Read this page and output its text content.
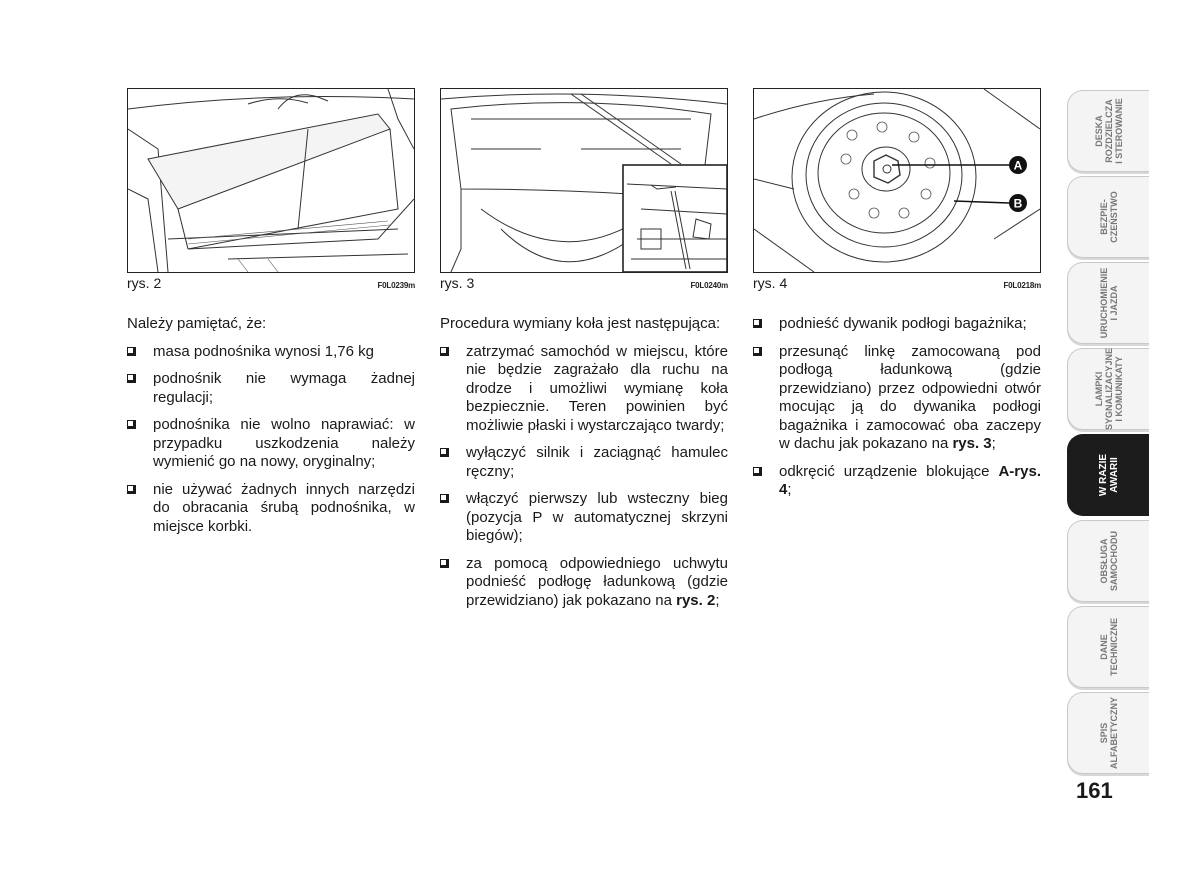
rys. 2	F0L0239m

Należy pamiętać, że:

masa podnośnika wynosi 1,76 kg
podnośnik nie wymaga żadnej regulacji;
podnośnika nie wolno naprawiać: w przypadku uszkodzenia należy wymienić go na nowy, oryginalny;
nie używać żadnych innych narzędzi do obracania śrubą podnośnika, w miejsce korbki.
rys. 3	F0L0240m

Procedura wymiany koła jest następująca:

zatrzymać samochód w miejscu, które nie będzie zagrażało dla ruchu na drodze i umożliwi wymianę koła bezpiecznie. Teren powinien być możliwie płaski i wystarczająco twardy;
wyłączyć silnik i zaciągnąć hamulec ręczny;
włączyć pierwszy lub wsteczny bieg (pozycja P w automatycznej skrzyni biegów);
za pomocą odpowiedniego uchwytu podnieść podłogę ładunkową (gdzie przewidziano) jak pokazano na rys. 2;
A
B
rys. 4	F0L0218m
podnieść dywanik podłogi bagażnika;
przesunąć linkę zamocowaną pod podłogą ładunkową (gdzie przewidziano) przez odpowiedni otwór mocując ją do dywanika podłogi bagażnika i zamocować oba zaczepy w dachu jak pokazano na rys. 3;
odkręcić urządzenie blokujące A-rys. 4;
DESKA ROZDZIELCZA I STEROWANIE
BEZPIE- CZEŃSTWO
URUCHOMIENIE I JAZDA
LAMPKI SYGNALIZACYJNE I KOMUNIKATY
W RAZIE AWARII
OBSŁUGA SAMOCHODU
DANE TECHNICZNE
SPIS ALFABETYCZNY
161
